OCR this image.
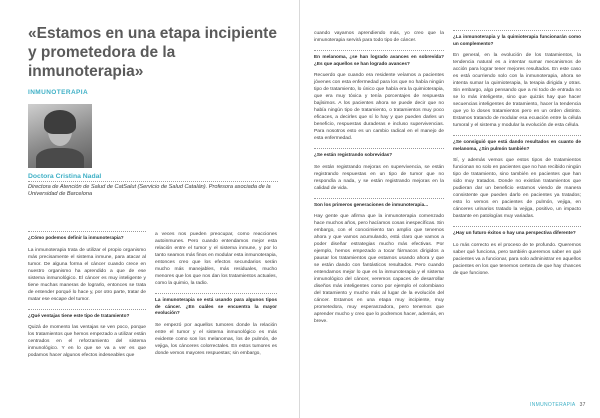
«Estamos en una etapa incipiente y prometedora de la inmunoterapia»
INMUNOTERAPIA
Doctora Cristina Nadal
Directora de Atención de Salud de CatSalut (Servicio de Salud Catalán). Profesora asociada de la Universidad de Barcelona
¿Cómo podemos definir la inmunoterapia?

La inmunoterapia trata de utilizar el propio organismo más precisamente el sistema inmune, para atacar al tumor. De alguna forma el cáncer cuando crece en nuestro organismo ha aprendido a que de ese sistema inmunológico. El cáncer es muy inteligente y tiene muchas maneras de lograrlo, entonces se trata de entender porqué lo hace y, por otro parte, tratar de matar ese escape del tumor.

¿Qué ventajas tiene este tipo de tratamiento?

Quizá de momento las ventajas se ven poco, porque los tratamientos que hemos empezado a utilizar están centrados en el reforzamiento del sistema inmunológico. Y en lo que se va a ver es que podamos hacer algunos efectos indeseables que

a veces nos pueden preocupar, como reacciones autoinmunes. Pero cuando entendamos mejor esta relación entre el tumor y el sistema inmune, y por lo tanto seamos más finos en modular esta inmunoterapia, entonces creo que los efectos secundarios serán mucho más manejables, más residuales, mucho menores que los que nos dan los tratamientos actuales, como la quimio, la radio.

La inmunoterapia se está usando para algunos tipos de cáncer. ¿En cuáles se encuentra la mayor evolución?

Se empezó por aquellos tumores donde la relación entre el tumor y el sistema inmunológico es más evidente como son los melanomas, los de pulmón, de vejiga, los cánceres colorrectales. En estos tumores es donde vemos mayores respuestas; sin embargo,

cuando vayamos aprendiendo más, yo creo que la inmunoterapia servirá para todo tipo de cáncer.

En melanoma, ¿se han logrado avances en sobrevida? ¿Es que aquellos se han logrado avances?

Recuerdo que cuando era residente veíamos a pacientes jóvenes con esta enfermedad para los que no había ningún tipo de tratamiento, lo único que había era la quimioterapia, que era muy tóxica y tenía porcentajes de respuesta bajísimos. A los pacientes ahora se puede decir que no había ningún tipo de tratamiento, o tratamientos muy poco eficaces, a decirles que sí lo hay y que pueden darles un beneficio, respuestas duraderas e incluso supervivencias. Para nosotros esto es un cambio radical en el manejo de esta enfermedad.

¿Se están registrando sobrevidas?

Se están registrando mejoras en supervivencia, se están registrando respuestas en un tipo de tumor que no respondía a nada, y se están registrando mejoras en la calidad de vida.

Son los primeros generaciones de inmunoterapia...

Hay gente que afirma que la inmunoterapia comenzado hace muchos años, pero hacíamos cosas inespecíficas. Sin embargo, con el conocimiento tan amplio que tenemos ahora y que vamos acumulando, está claro que vamos a poder diseñar estrategias mucho más efectivas. Por ejemplo, hemos empezado a tocar fármacos dirigidos a pausar los tratamientos que estamos usando ahora y que se están dando con fantásticos resultados. Pero cuando entendamos mejor lo que es la inmunoterapia y el sistema inmunológico del cáncer, veremos capaces de desarrollar diseños más inteligentes como por ejemplo el colombiano del tratamiento y mucho más al lugar de la evolución del cáncer. Estamos en una etapa muy incipiente, muy prometedora, muy esperanzadora, pero tenemos que aprender mucho y creo que lo podremos hacer, además, en breve.

¿La inmunoterapia y la quimioterapia funcionarán como un complemento?

En general, en la evolución de los tratamientos, la tendencia natural es a intentar sumar mecanismos de acción para lograr tener mejores resultados. En este caso es está ocurriendo solo con la inmunoterapia, ahora se intenta sumar la quimioterapia, la terapia dirigida y otras. Sin embargo, algo pensando que a mi todo de entrada no se lo más inteligente, sino que quizás hay que hacer secuencias inteligentes de tratamiento, hacer la tendencia que yo lo doses tratamientos pero en un orden distinto. Estamos tratando de modular esa ecuación entre la célula tumoral y el sistema y modular la evolución de esta célula.

¿Se consiguió que está dando resultados en cuanto de melanoma, ¿Sin pulmón también?

Sí, y además vemos que estos tipos de tratamientos funcionan no solo en pacientes que no han recibido ningún tipo de tratamiento, sino también en pacientes que han sido muy tratados. Donde no existían tratamientos que pudieran dar un beneficio estamos viendo de manera consistente que pueden darlo en pacientes ya tratados; esto lo vemos en pacientes de pulmón, vejiga, en cánceres urinarios tratado la vejiga, positivo, un impacto bastante en patologías muy variadas.

¿Hay un futuro éxitos o hay una perspectiva diferente?

Lo más correcto es el proceso de te profundo. Queremos saber qué funciona, pero también queremos saber en qué pacientes va a funcionar, para solo administrar en aquellos pacientes en los que tenemos certeza de que hay chances de que funcione.

INMUNOTERAPIA 37
